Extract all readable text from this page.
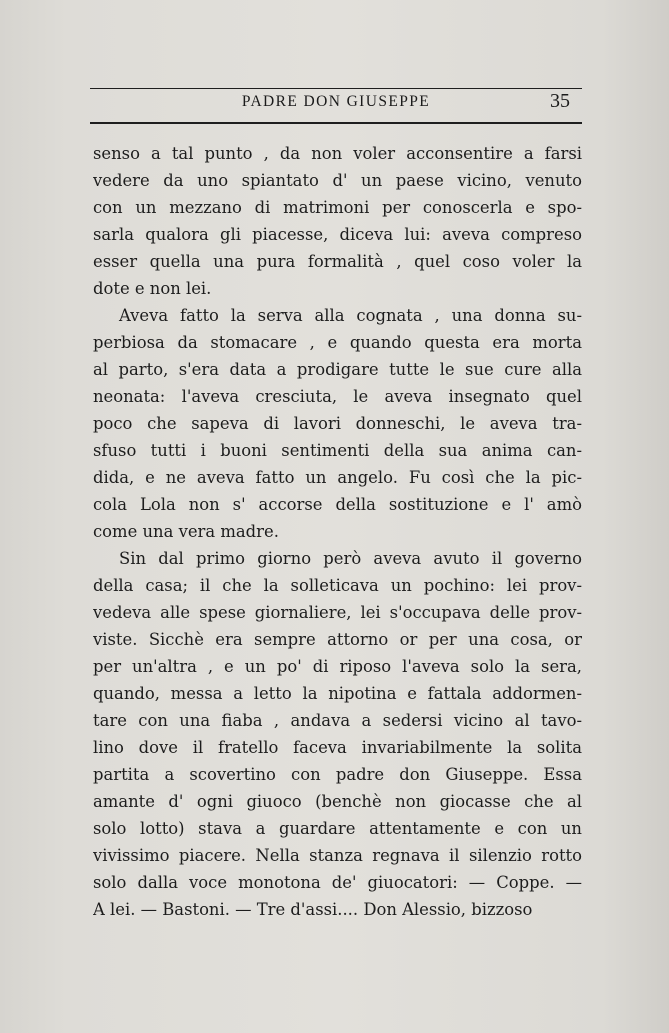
PADRE DON GIUSEPPE	35
senso a tal punto , da non voler acconsentire a farsi
vedere da uno spiantato d' un paese vicino, venuto
con un mezzano di matrimoni per conoscerla e spo-
sarla qualora gli piacesse, diceva lui: aveva compreso
esser quella una pura formalità , quel coso voler la
dote e non lei.
Aveva fatto la serva alla cognata , una donna su-
perbiosa da stomacare , e quando questa era morta
al parto, s'era data a prodigare tutte le sue cure alla
neonata: l'aveva cresciuta, le aveva insegnato quel
poco che sapeva di lavori donneschi, le aveva tra-
sfuso tutti i buoni sentimenti della sua anima can-
dida, e ne aveva fatto un angelo. Fu così che la pic-
cola Lola non s' accorse della sostituzione e l' amò
come una vera madre.
Sin dal primo giorno però aveva avuto il governo
della casa; il che la solleticava un pochino: lei prov-
vedeva alle spese giornaliere, lei s'occupava delle prov-
viste. Sicchè era sempre attorno or per una cosa, or
per un'altra , e un po' di riposo l'aveva solo la sera,
quando, messa a letto la nipotina e fattala addormen-
tare con una fiaba , andava a sedersi vicino al tavo-
lino dove il fratello faceva invariabilmente la solita
partita a scovertino con padre don Giuseppe. Essa
amante d' ogni giuoco (benchè non giocasse che al
solo lotto) stava a guardare attentamente e con un
vivissimo piacere. Nella stanza regnava il silenzio rotto
solo dalla voce monotona de' giuocatori: — Coppe. —
A lei. — Bastoni. — Tre d'assi.... Don Alessio, bizzoso
